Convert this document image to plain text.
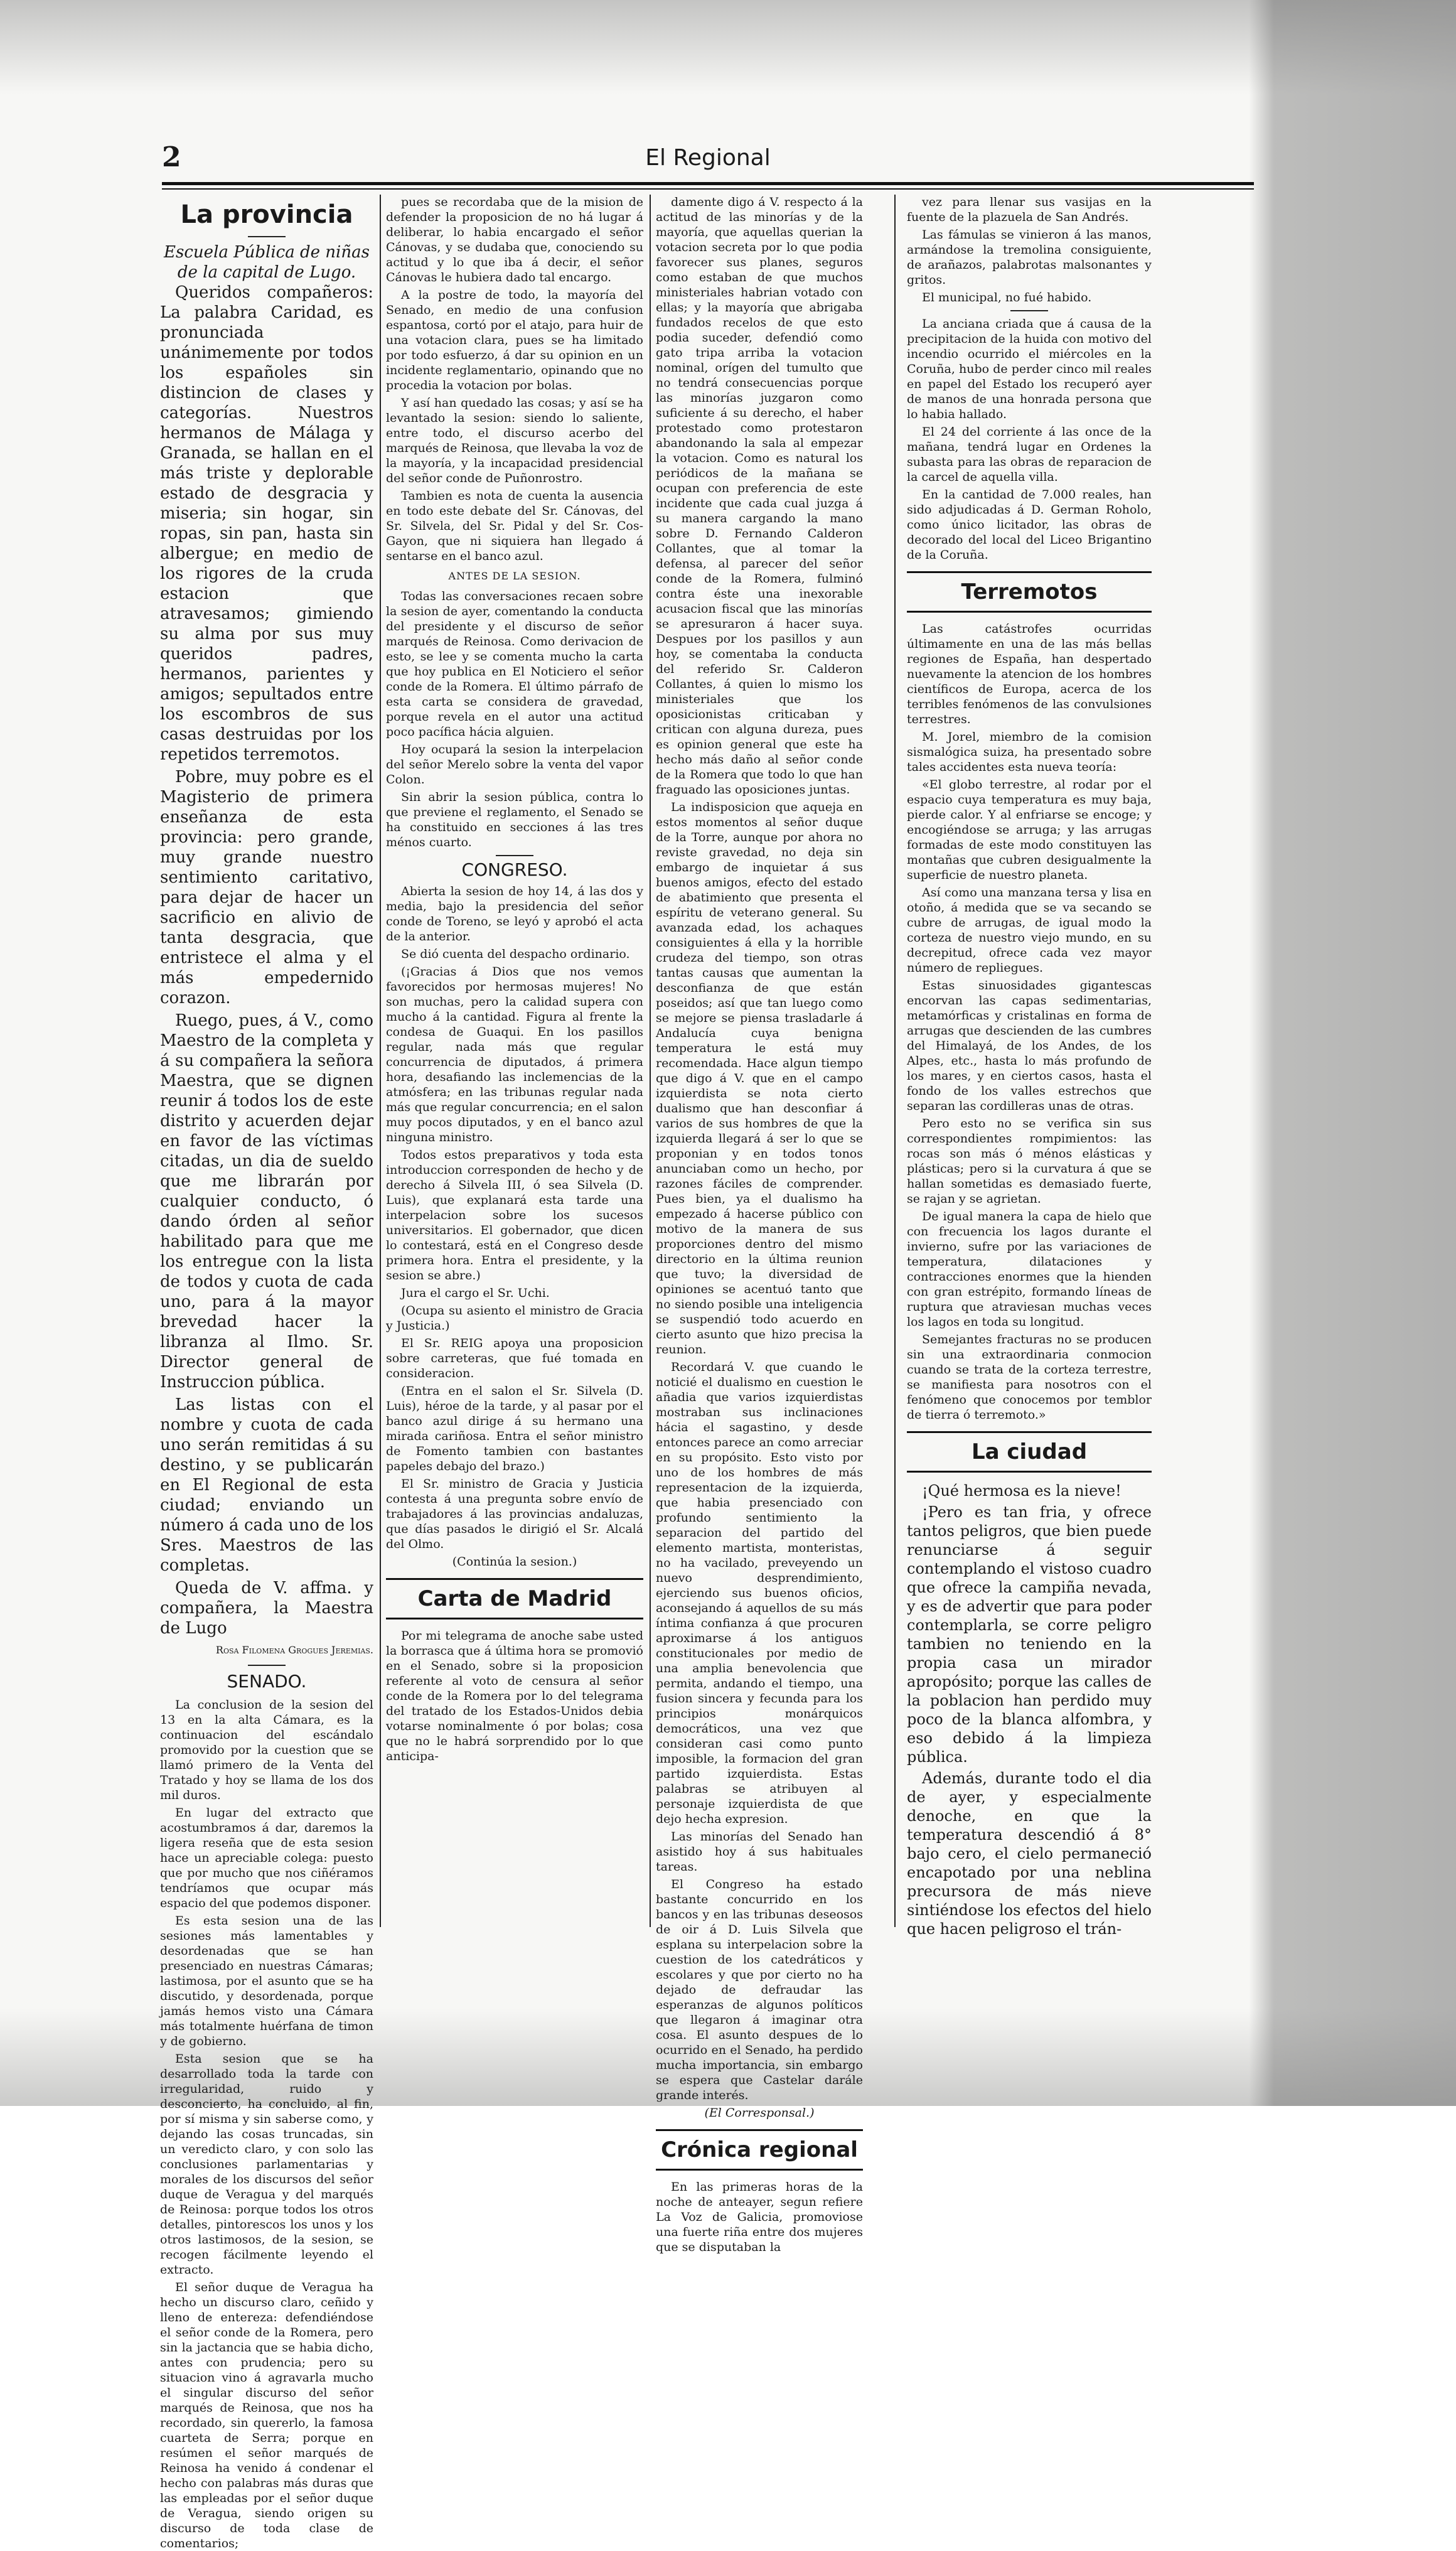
2	El Regional
La provincia
Escuela Pública de niñas de la capital de Lugo.

Queridos compañeros: La palabra Caridad, es pronunciada unánimemente por todos los españoles sin distincion de clases y categorías. Nuestros hermanos de Málaga y Granada, se hallan en el más triste y deplorable estado de desgracia y miseria; sin hogar, sin ropas, sin pan, hasta sin albergue; en medio de los rigores de la cruda estacion que atravesamos; gimiendo su alma por sus muy queridos padres, hermanos, parientes y amigos; sepultados entre los escombros de sus casas destruidas por los repetidos terremotos.

Pobre, muy pobre es el Magisterio de primera enseñanza de esta provincia: pero grande, muy grande nuestro sentimiento caritativo, para dejar de hacer un sacrificio en alivio de tanta desgracia, que entristece el alma y el más empedernido corazon.

Ruego, pues, á V., como Maestro de la completa y á su compañera la señora Maestra, que se dignen reunir á todos los de este distrito y acuerden dejar en favor de las víctimas citadas, un dia de sueldo que me librarán por cualquier conducto, ó dando órden al señor habilitado para que me los entregue con la lista de todos y cuota de cada uno, para á la mayor brevedad hacer la libranza al Ilmo. Sr. Director general de Instruccion pública.

Las listas con el nombre y cuota de cada uno serán remitidas á su destino, y se publicarán en El Regional de esta ciudad; enviando un número á cada uno de los Sres. Maestros de las completas.

Queda de V. affma. y compañera, la Maestra de Lugo

Rosa Filomena Grogues Jeremias.
SENADO.

La conclusion de la sesion del 13 en la alta Cámara, es la continuacion del escándalo promovido por la cuestion que se llamó primero de la Venta del Tratado y hoy se llama de los dos mil duros.

En lugar del extracto que acostumbramos á dar, daremos la ligera reseña que de esta sesion hace un apreciable colega: puesto que por mucho que nos ciñéramos tendríamos que ocupar más espacio del que podemos disponer.

Es esta sesion una de las sesiones más lamentables y desordenadas que se han presenciado en nuestras Cámaras; lastimosa, por el asunto que se ha discutido, y desordenada, porque jamás hemos visto una Cámara más totalmente huérfana de timon y de gobierno.

Esta sesion que se ha desarrollado toda la tarde con irregularidad, ruido y desconcierto, ha concluido, al fin, por sí misma y sin saberse como, y dejando las cosas truncadas, sin un veredicto claro, y con solo las conclusiones parlamentarias y morales de los discursos del señor duque de Veragua y del marqués de Reinosa: porque todos los otros detalles, pintorescos los unos y los otros lastimosos, de la sesion, se recogen fácilmente leyendo el extracto.

El señor duque de Veragua ha hecho un discurso claro, ceñido y lleno de entereza: defendiéndose el señor conde de la Romera, pero sin la jactancia que se habia dicho, antes con prudencia; pero su situacion vino á agravarla mucho el singular discurso del señor marqués de Reinosa, que nos ha recordado, sin quererlo, la famosa cuarteta de Serra; porque en resúmen el señor marqués de Reinosa ha venido á condenar el hecho con palabras más duras que las empleadas por el señor duque de Veragua, siendo origen su discurso de toda clase de comentarios;

pues se recordaba que de la mision de defender la proposicion de no há lugar á deliberar, lo habia encargado el señor Cánovas, y se dudaba que, conociendo su actitud y lo que iba á decir, el señor Cánovas le hubiera dado tal encargo.

A la postre de todo, la mayoría del Senado, en medio de una confusion espantosa, cortó por el atajo, para huir de una votacion clara, pues se ha limitado por todo esfuerzo, á dar su opinion en un incidente reglamentario, opinando que no procedia la votacion por bolas.

Y así han quedado las cosas; y así se ha levantado la sesion: siendo lo saliente, entre todo, el discurso acerbo del marqués de Reinosa, que llevaba la voz de la mayoría, y la incapacidad presidencial del señor conde de Puñonrostro.

Tambien es nota de cuenta la ausencia en todo este debate del Sr. Cánovas, del Sr. Silvela, del Sr. Pidal y del Sr. Cos-Gayon, que ni siquiera han llegado á sentarse en el banco azul.

ANTES DE LA SESION.

Todas las conversaciones recaen sobre la sesion de ayer, comentando la conducta del presidente y el discurso de señor marqués de Reinosa. Como derivacion de esto, se lee y se comenta mucho la carta que hoy publica en El Noticiero el señor conde de la Romera. El último párrafo de esta carta se considera de gravedad, porque revela en el autor una actitud poco pacífica hácia alguien.

Hoy ocupará la sesion la interpelacion del señor Merelo sobre la venta del vapor Colon.

Sin abrir la sesion pública, contra lo que previene el reglamento, el Senado se ha constituido en secciones á las tres ménos cuarto.

CONGRESO.

Abierta la sesion de hoy 14, á las dos y media, bajo la presidencia del señor conde de Toreno, se leyó y aprobó el acta de la anterior.

Se dió cuenta del despacho ordinario.

(¡Gracias á Dios que nos vemos favorecidos por hermosas mujeres! No son muchas, pero la calidad supera con mucho á la cantidad. Figura al frente la condesa de Guaqui. En los pasillos regular, nada más que regular concurrencia de diputados, á primera hora, desafiando las inclemencias de la atmósfera; en las tribunas regular nada más que regular concurrencia; en el salon muy pocos diputados, y en el banco azul ninguna ministro.

Todos estos preparativos y toda esta introduccion corresponden de hecho y de derecho á Silvela III, ó sea Silvela (D. Luis), que explanará esta tarde una interpelacion sobre los sucesos universitarios. El gobernador, que dicen lo contestará, está en el Congreso desde primera hora. Entra el presidente, y la sesion se abre.)

Jura el cargo el Sr. Uchi.

(Ocupa su asiento el ministro de Gracia y Justicia.)

El Sr. REIG apoya una proposicion sobre carreteras, que fué tomada en consideracion.

(Entra en el salon el Sr. Silvela (D. Luis), héroe de la tarde, y al pasar por el banco azul dirige á su hermano una mirada cariñosa. Entra el señor ministro de Fomento tambien con bastantes papeles debajo del brazo.)

El Sr. ministro de Gracia y Justicia contesta á una pregunta sobre envío de trabajadores á las provincias andaluzas, que días pasados le dirigió el Sr. Alcalá del Olmo.

(Continúa la sesion.)
Carta de Madrid

Por mi telegrama de anoche sabe usted la borrasca que á última hora se promovió en el Senado, sobre si la proposicion referente al voto de censura al señor conde de la Romera por lo del telegrama del tratado de los Estados-Unidos debia votarse nominalmente ó por bolas; cosa que no le habrá sorprendido por lo que anticipa-

damente digo á V. respecto á la actitud de las minorías y de la mayoría, que aquellas querian la votacion secreta por lo que podia favorecer sus planes, seguros como estaban de que muchos ministeriales habrian votado con ellas; y la mayoría que abrigaba fundados recelos de que esto podia suceder, defendió como gato tripa arriba la votacion nominal, orígen del tumulto que no tendrá consecuencias porque las minorías juzgaron como suficiente á su derecho, el haber protestado como protestaron abandonando la sala al empezar la votacion. Como es natural los periódicos de la mañana se ocupan con preferencia de este incidente que cada cual juzga á su manera cargando la mano sobre D. Fernando Calderon Collantes, que al tomar la defensa, al parecer del señor conde de la Romera, fulminó contra éste una inexorable acusacion fiscal que las minorías se apresuraron á hacer suya. Despues por los pasillos y aun hoy, se comentaba la conducta del referido Sr. Calderon Collantes, á quien lo mismo los ministeriales que los oposicionistas criticaban y critican con alguna dureza, pues es opinion general que este ha hecho más daño al señor conde de la Romera que todo lo que han fraguado las oposiciones juntas.

La indisposicion que aqueja en estos momentos al señor duque de la Torre, aunque por ahora no reviste gravedad, no deja sin embargo de inquietar á sus buenos amigos, efecto del estado de abatimiento que presenta el espíritu de veterano general. Su avanzada edad, los achaques consiguientes á ella y la horrible crudeza del tiempo, son otras tantas causas que aumentan la desconfianza de que están poseidos; así que tan luego como se mejore se piensa trasladarle á Andalucía cuya benigna temperatura le está muy recomendada. Hace algun tiempo que digo á V. que en el campo izquierdista se nota cierto dualismo que han desconfiar á varios de sus hombres de que la izquierda llegará á ser lo que se proponian y en todos tonos anunciaban como un hecho, por razones fáciles de comprender. Pues bien, ya el dualismo ha empezado á hacerse público con motivo de la manera de sus proporciones dentro del mismo directorio en la última reunion que tuvo; la diversidad de opiniones se acentuó tanto que no siendo posible una inteligencia se suspendió todo acuerdo en cierto asunto que hizo precisa la reunion.

Recordará V. que cuando le noticié el dualismo en cuestion le añadia que varios izquierdistas mostraban sus inclinaciones hácia el sagastino, y desde entonces parece an como arreciar en su propósito. Esto visto por uno de los hombres de más representacion de la izquierda, que habia presenciado con profundo sentimiento la separacion del partido del elemento martista, monteristas, no ha vacilado, preveyendo un nuevo desprendimiento, ejerciendo sus buenos oficios, aconsejando á aquellos de su más íntima confianza á que procuren aproximarse á los antiguos constitucionales por medio de una amplia benevolencia que permita, andando el tiempo, una fusion sincera y fecunda para los principios monárquicos democráticos, una vez que consideran casi como punto imposible, la formacion del gran partido izquierdista. Estas palabras se atribuyen al personaje izquierdista de que dejo hecha expresion.

Las minorías del Senado han asistido hoy á sus habituales tareas.

El Congreso ha estado bastante concurrido en los bancos y en las tribunas deseosos de oir á D. Luis Silvela que esplana su interpelacion sobre la cuestion de los catedráticos y escolares y que por cierto no ha dejado de defraudar las esperanzas de algunos políticos que llegaron á imaginar otra cosa. El asunto despues de lo ocurrido en el Senado, ha perdido mucha importancia, sin embargo se espera que Castelar darále grande interés.

(El Corresponsal.)
Crónica regional

En las primeras horas de la noche de anteayer, segun refiere La Voz de Galicia, promoviose una fuerte riña entre dos mujeres que se disputaban la

vez para llenar sus vasijas en la fuente de la plazuela de San Andrés.

Las fámulas se vinieron á las manos, armándose la tremolina consiguiente, de arañazos, palabrotas malsonantes y gritos.

El municipal, no fué habido.

La anciana criada que á causa de la precipitacion de la huida con motivo del incendio ocurrido el miércoles en la Coruña, hubo de perder cinco mil reales en papel del Estado los recuperó ayer de manos de una honrada persona que lo habia hallado.

El 24 del corriente á las once de la mañana, tendrá lugar en Ordenes la subasta para las obras de reparacion de la carcel de aquella villa.

En la cantidad de 7.000 reales, han sido adjudicadas á D. German Roholo, como único licitador, las obras de decorado del local del Liceo Brigantino de la Coruña.

Terremotos

Las catástrofes ocurridas últimamente en una de las más bellas regiones de España, han despertado nuevamente la atencion de los hombres científicos de Europa, acerca de los terribles fenómenos de las convulsiones terrestres.

M. Jorel, miembro de la comision sismalógica suiza, ha presentado sobre tales accidentes esta nueva teoría:

«El globo terrestre, al rodar por el espacio cuya temperatura es muy baja, pierde calor. Y al enfriarse se encoge; y encogiéndose se arruga; y las arrugas formadas de este modo constituyen las montañas que cubren desigualmente la superficie de nuestro planeta.

Así como una manzana tersa y lisa en otoño, á medida que se va secando se cubre de arrugas, de igual modo la corteza de nuestro viejo mundo, en su decrepitud, ofrece cada vez mayor número de repliegues.

Estas sinuosidades gigantescas encorvan las capas sedimentarias, metamórficas y cristalinas en forma de arrugas que descienden de las cumbres del Himalayá, de los Andes, de los Alpes, etc., hasta lo más profundo de los mares, y en ciertos casos, hasta el fondo de los valles estrechos que separan las cordilleras unas de otras.

Pero esto no se verifica sin sus correspondientes rompimientos: las rocas son más ó ménos elásticas y plásticas; pero si la curvatura á que se hallan sometidas es demasiado fuerte, se rajan y se agrietan.

De igual manera la capa de hielo que con frecuencia los lagos durante el invierno, sufre por las variaciones de temperatura, dilataciones y contracciones enormes que la hienden con gran estrépito, formando líneas de ruptura que atraviesan muchas veces los lagos en toda su longitud.

Semejantes fracturas no se producen sin una extraordinaria conmocion cuando se trata de la corteza terrestre, se manifiesta para nosotros con el fenómeno que conocemos por temblor de tierra ó terremoto.»

La ciudad

¡Qué hermosa es la nieve!

¡Pero es tan fria, y ofrece tantos peligros, que bien puede renunciarse á seguir contemplando el vistoso cuadro que ofrece la campiña nevada, y es de advertir que para poder contemplarla, se corre peligro tambien no teniendo en la propia casa un mirador apropósito; porque las calles de la poblacion han perdido muy poco de la blanca alfombra, y eso debido á la limpieza pública.

Además, durante todo el dia de ayer, y especialmente denoche, en que la temperatura descendió á 8° bajo cero, el cielo permaneció encapotado por una neblina precursora de más nieve sintiéndose los efectos del hielo que hacen peligroso el trán-
